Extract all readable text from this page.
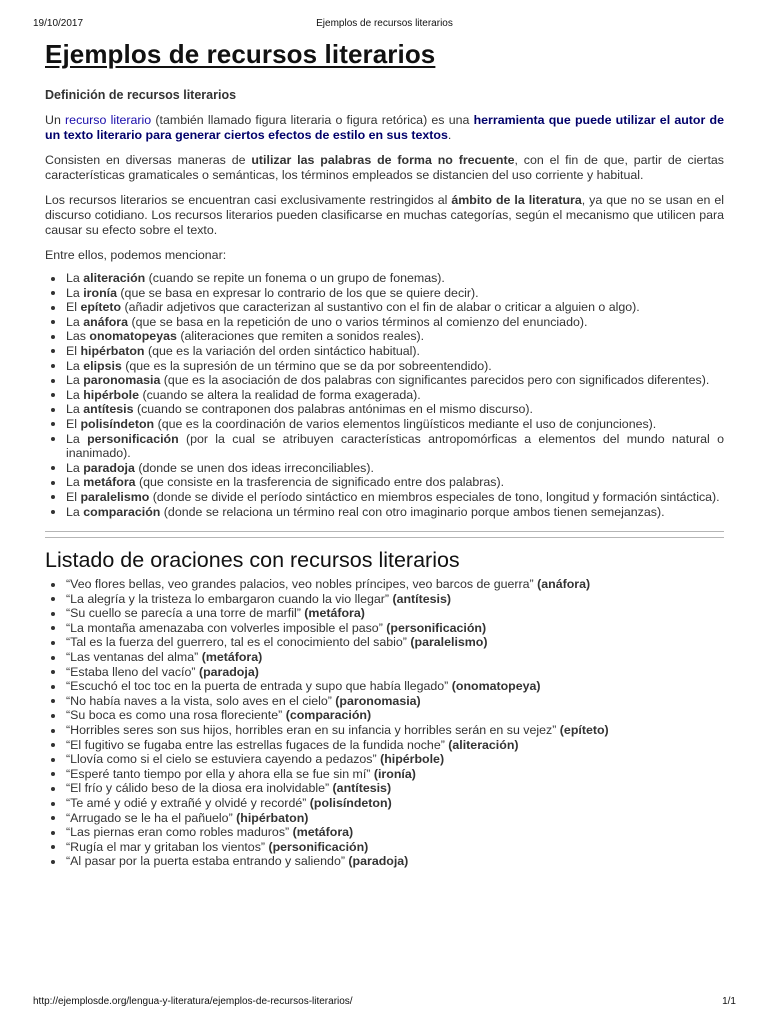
19/10/2017	Ejemplos de recursos literarios
Ejemplos de recursos literarios
Definición de recursos literarios

Un recurso literario (también llamado figura literaria o figura retórica) es una herramienta que puede utilizar el autor de un texto literario para generar ciertos efectos de estilo en sus textos.

Consisten en diversas maneras de utilizar las palabras de forma no frecuente, con el fin de que, partir de ciertas características gramaticales o semánticas, los términos empleados se distancien del uso corriente y habitual.

Los recursos literarios se encuentran casi exclusivamente restringidos al ámbito de la literatura, ya que no se usan en el discurso cotidiano. Los recursos literarios pueden clasificarse en muchas categorías, según el mecanismo que utilicen para causar su efecto sobre el texto.

Entre ellos, podemos mencionar:

La aliteración (cuando se repite un fonema o un grupo de fonemas).
La ironía (que se basa en expresar lo contrario de los que se quiere decir).
El epíteto (añadir adjetivos que caracterizan al sustantivo con el fin de alabar o criticar a alguien o algo).
La anáfora (que se basa en la repetición de uno o varios términos al comienzo del enunciado).
Las onomatopeyas (aliteraciones que remiten a sonidos reales).
El hipérbaton (que es la variación del orden sintáctico habitual).
La elipsis (que es la supresión de un término que se da por sobreentendido).
La paronomasia (que es la asociación de dos palabras con significantes parecidos pero con significados diferentes).
La hipérbole (cuando se altera la realidad de forma exagerada).
La antítesis (cuando se contraponen dos palabras antónimas en el mismo discurso).
El polisíndeton (que es la coordinación de varios elementos lingüísticos mediante el uso de conjunciones).
La personificación (por la cual se atribuyen características antropomórficas a elementos del mundo natural o inanimado).
La paradoja (donde se unen dos ideas irreconciliables).
La metáfora (que consiste en la trasferencia de significado entre dos palabras).
El paralelismo (donde se divide el período sintáctico en miembros especiales de tono, longitud y formación sintáctica).
La comparación (donde se relaciona un término real con otro imaginario porque ambos tienen semejanzas).
Listado de oraciones con recursos literarios
“Veo flores bellas, veo grandes palacios, veo nobles príncipes, veo barcos de guerra” (anáfora)
“La alegría y la tristeza lo embargaron cuando la vio llegar” (antítesis)
“Su cuello se parecía a una torre de marfil” (metáfora)
“La montaña amenazaba con volverles imposible el paso” (personificación)
“Tal es la fuerza del guerrero, tal es el conocimiento del sabio” (paralelismo)
“Las ventanas del alma” (metáfora)
“Estaba lleno del vacío” (paradoja)
“Escuchó el toc toc en la puerta de entrada y supo que había llegado” (onomatopeya)
“No había naves a la vista, solo aves en el cielo” (paronomasia)
“Su boca es como una rosa floreciente” (comparación)
“Horribles seres son sus hijos, horribles eran en su infancia y horribles serán en su vejez” (epíteto)
“El fugitivo se fugaba entre las estrellas fugaces de la fundida noche” (aliteración)
“Llovía como si el cielo se estuviera cayendo a pedazos” (hipérbole)
“Esperé tanto tiempo por ella y ahora ella se fue sin mí” (ironía)
“El frío y cálido beso de la diosa era inolvidable” (antítesis)
“Te amé y odié y extrañé y olvidé y recordé” (polisíndeton)
“Arrugado se le ha el pañuelo” (hipérbaton)
“Las piernas eran como robles maduros” (metáfora)
“Rugía el mar y gritaban los vientos” (personificación)
“Al pasar por la puerta estaba entrando y saliendo” (paradoja)
http://ejemplosde.org/lengua-y-literatura/ejemplos-de-recursos-literarios/	1/1
